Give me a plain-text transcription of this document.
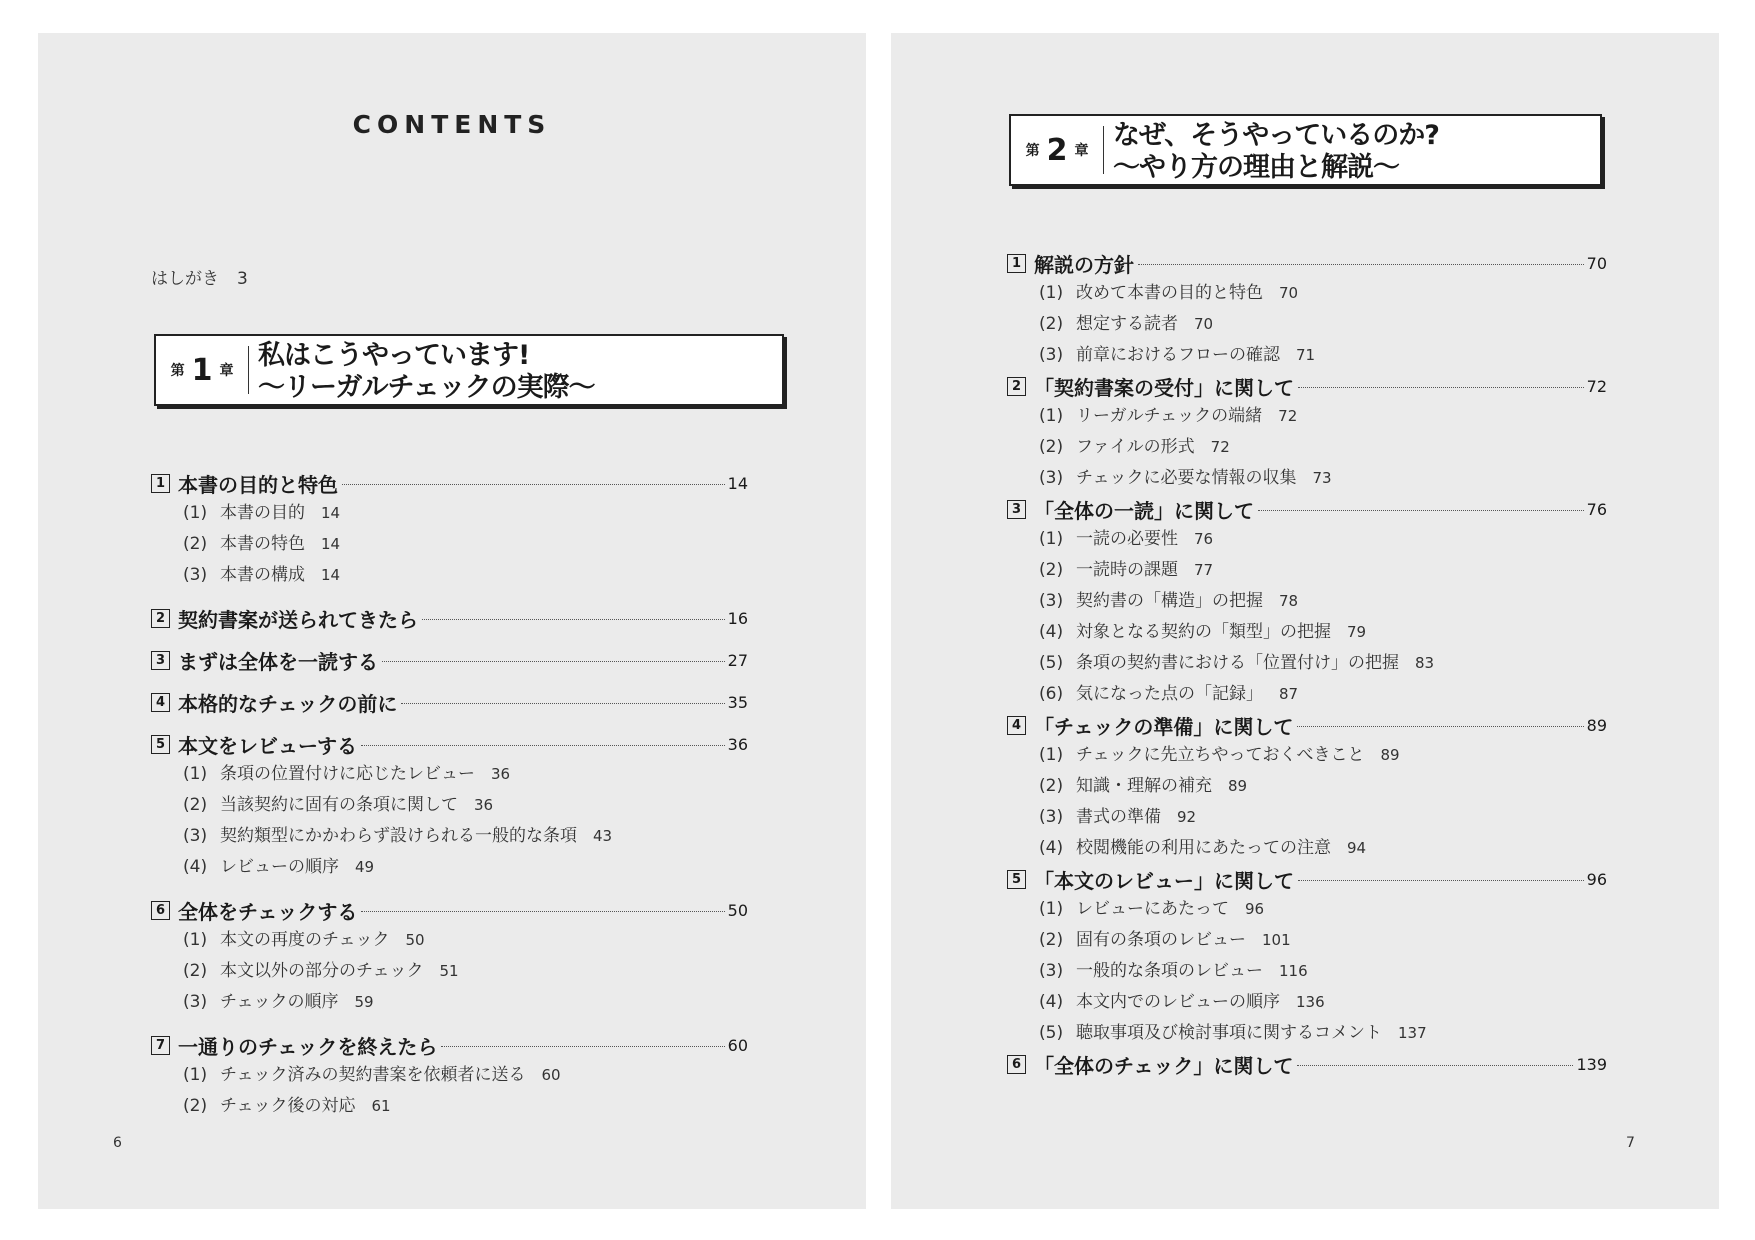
CONTENTS
はしがき 3
第 1 章 私はこうやっています!
～リーガルチェックの実際～
1 本書の目的と特色	14
(1) 本書の目的 14
(2) 本書の特色 14
(3) 本書の構成 14
2 契約書案が送られてきたら	16
3 まずは全体を一読する	27
4 本格的なチェックの前に	35
5 本文をレビューする	36
(1) 条項の位置付けに応じたレビュー 36
(2) 当該契約に固有の条項に関して 36
(3) 契約類型にかかわらず設けられる一般的な条項 43
(4) レビューの順序 49
6 全体をチェックする	50
(1) 本文の再度のチェック 50
(2) 本文以外の部分のチェック 51
(3) チェックの順序 59
7 一通りのチェックを終えたら	60
(1) チェック済みの契約書案を依頼者に送る 60
(2) チェック後の対応 61
6
第 2 章 なぜ、そうやっているのか?
～やり方の理由と解説～
1 解説の方針	70
(1) 改めて本書の目的と特色 70
(2) 想定する読者 70
(3) 前章におけるフローの確認 71
2 「契約書案の受付」に関して	72
(1) リーガルチェックの端緒 72
(2) ファイルの形式 72
(3) チェックに必要な情報の収集 73
3 「全体の一読」に関して	76
(1) 一読の必要性 76
(2) 一読時の課題 77
(3) 契約書の「構造」の把握 78
(4) 対象となる契約の「類型」の把握 79
(5) 条項の契約書における「位置付け」の把握 83
(6) 気になった点の「記録」 87
4 「チェックの準備」に関して	89
(1) チェックに先立ちやっておくべきこと 89
(2) 知識・理解の補充 89
(3) 書式の準備 92
(4) 校閲機能の利用にあたっての注意 94
5 「本文のレビュー」に関して	96
(1) レビューにあたって 96
(2) 固有の条項のレビュー 101
(3) 一般的な条項のレビュー 116
(4) 本文内でのレビューの順序 136
(5) 聴取事項及び検討事項に関するコメント 137
6 「全体のチェック」に関して	139
7
